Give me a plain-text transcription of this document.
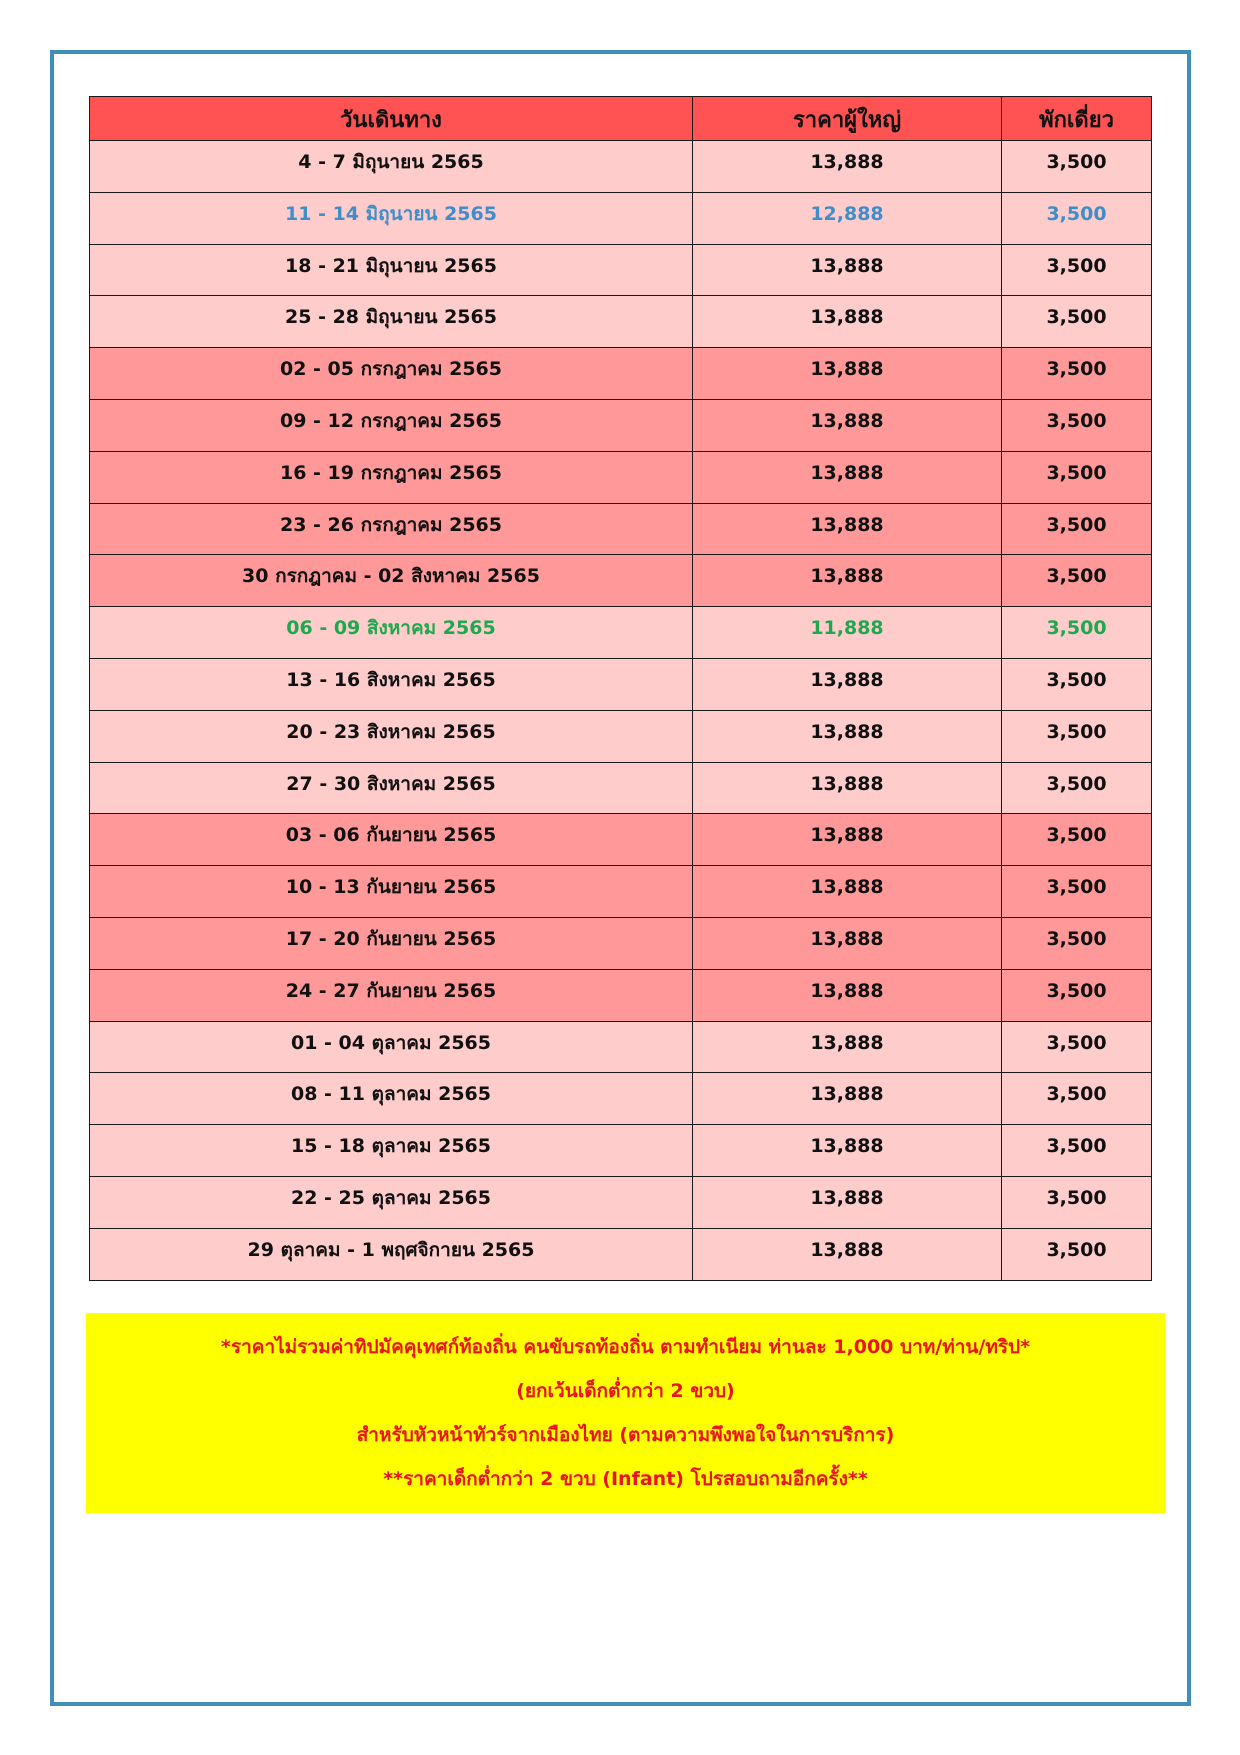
วันเดินทาง	ราคาผู้ใหญ่	พักเดี่ยว
4 - 7 มิถุนายน 2565	13,888	3,500
11 - 14 มิถุนายน 2565	12,888	3,500
18 - 21 มิถุนายน 2565	13,888	3,500
25 - 28 มิถุนายน 2565	13,888	3,500
02 - 05 กรกฎาคม 2565	13,888	3,500
09 - 12 กรกฎาคม 2565	13,888	3,500
16 - 19 กรกฎาคม 2565	13,888	3,500
23 - 26 กรกฎาคม 2565	13,888	3,500
30 กรกฎาคม - 02 สิงหาคม 2565	13,888	3,500
06 - 09 สิงหาคม 2565	11,888	3,500
13 - 16 สิงหาคม 2565	13,888	3,500
20 - 23 สิงหาคม 2565	13,888	3,500
27 - 30 สิงหาคม 2565	13,888	3,500
03 - 06 กันยายน 2565	13,888	3,500
10 - 13 กันยายน 2565	13,888	3,500
17 - 20 กันยายน 2565	13,888	3,500
24 - 27 กันยายน 2565	13,888	3,500
01 - 04 ตุลาคม 2565	13,888	3,500
08 - 11 ตุลาคม 2565	13,888	3,500
15 - 18 ตุลาคม 2565	13,888	3,500
22 - 25 ตุลาคม 2565	13,888	3,500
29 ตุลาคม - 1 พฤศจิกายน 2565	13,888	3,500
*ราคาไม่รวมค่าทิปมัคคุเทศก์ท้องถิ่น คนขับรถท้องถิ่น ตามทำเนียม ท่านละ 1,000 บาท/ท่าน/ทริป*
(ยกเว้นเด็กต่ำกว่า 2 ขวบ)
สำหรับหัวหน้าทัวร์จากเมืองไทย (ตามความพึงพอใจในการบริการ)
**ราคาเด็กต่ำกว่า 2 ขวบ (Infant) โปรสอบถามอีกครั้ง**
